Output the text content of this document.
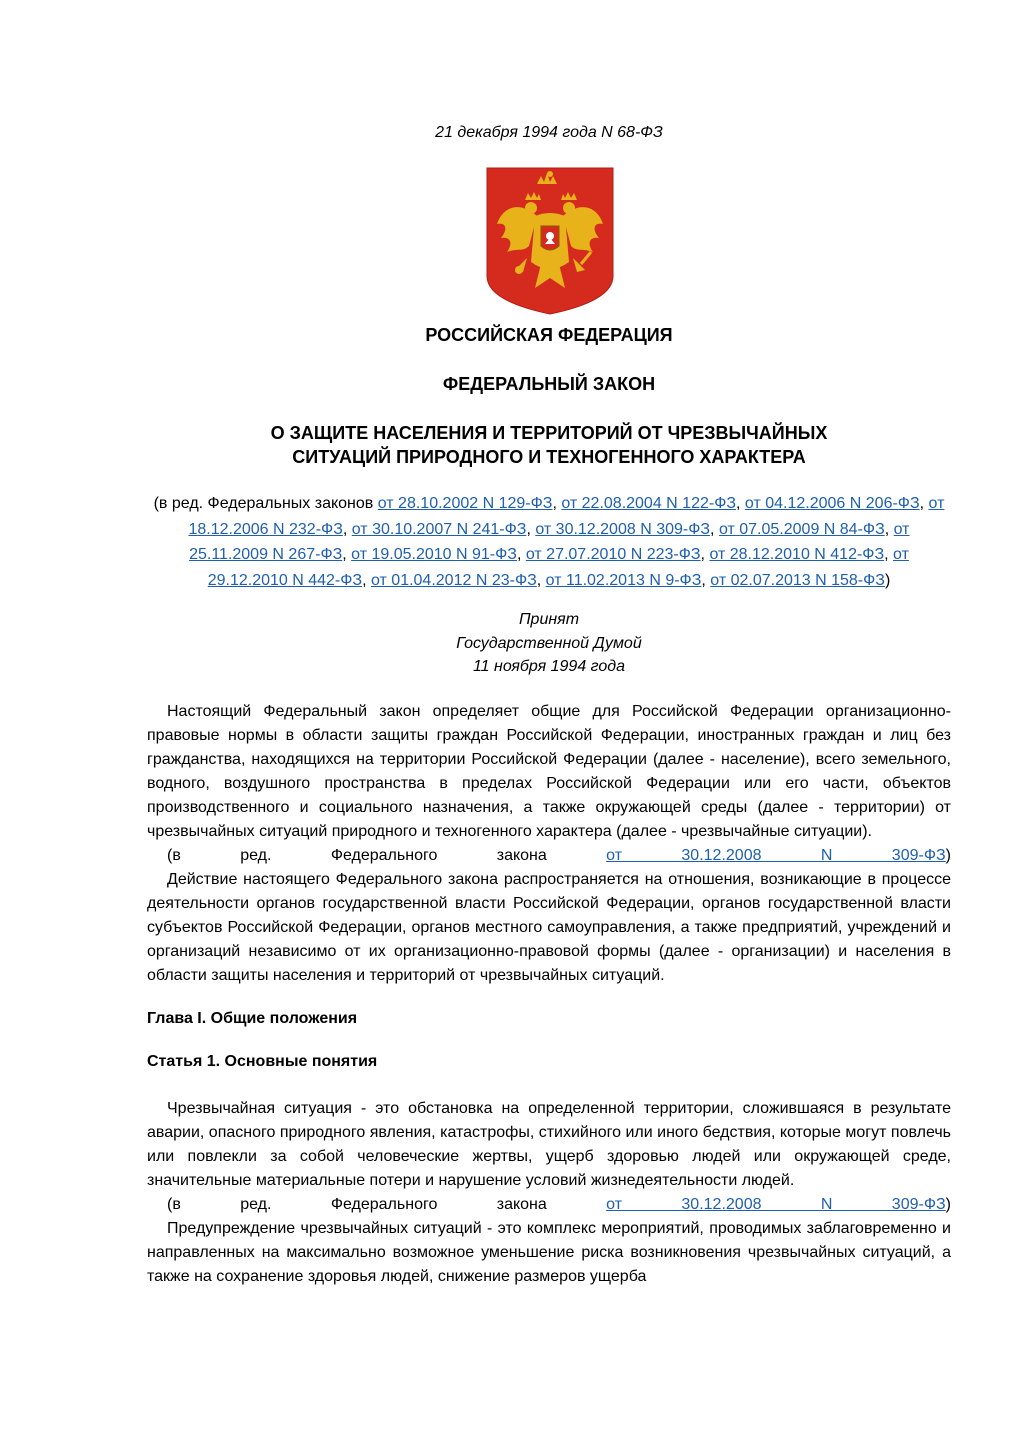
21 декабря 1994 года N 68-ФЗ
РОССИЙСКАЯ ФЕДЕРАЦИЯ
ФЕДЕРАЛЬНЫЙ ЗАКОН
О ЗАЩИТЕ НАСЕЛЕНИЯ И ТЕРРИТОРИЙ ОТ ЧРЕЗВЫЧАЙНЫХ
СИТУАЦИЙ ПРИРОДНОГО И ТЕХНОГЕННОГО ХАРАКТЕРА
(в ред. Федеральных законов от 28.10.2002 N 129-ФЗ, от 22.08.2004 N 122-ФЗ, от 04.12.2006 N 206-ФЗ, от 18.12.2006 N 232-ФЗ, от 30.10.2007 N 241-ФЗ, от 30.12.2008 N 309-ФЗ, от 07.05.2009 N 84-ФЗ, от 25.11.2009 N 267-ФЗ, от 19.05.2010 N 91-ФЗ, от 27.07.2010 N 223-ФЗ, от 28.12.2010 N 412-ФЗ, от 29.12.2010 N 442-ФЗ, от 01.04.2012 N 23-ФЗ, от 11.02.2013 N 9-ФЗ, от 02.07.2013 N 158-ФЗ)
Принят
Государственной Думой
11 ноября 1994 года

Настоящий Федеральный закон определяет общие для Российской Федерации организационно-правовые нормы в области защиты граждан Российской Федерации, иностранных граждан и лиц без гражданства, находящихся на территории Российской Федерации (далее - население), всего земельного, водного, воздушного пространства в пределах Российской Федерации или его части, объектов производственного и социального назначения, а также окружающей среды (далее - территории) от чрезвычайных ситуаций природного и техногенного характера (далее - чрезвычайные ситуации).

(в ред. Федерального закона от 30.12.2008 N 309-ФЗ)

Действие настоящего Федерального закона распространяется на отношения, возникающие в процессе деятельности органов государственной власти Российской Федерации, органов государственной власти субъектов Российской Федерации, органов местного самоуправления, а также предприятий, учреждений и организаций независимо от их организационно-правовой формы (далее - организации) и населения в области защиты населения и территорий от чрезвычайных ситуаций.

Глава I. Общие положения

Статья 1. Основные понятия

Чрезвычайная ситуация - это обстановка на определенной территории, сложившаяся в результате аварии, опасного природного явления, катастрофы, стихийного или иного бедствия, которые могут повлечь или повлекли за собой человеческие жертвы, ущерб здоровью людей или окружающей среде, значительные материальные потери и нарушение условий жизнедеятельности людей.

(в ред. Федерального закона от 30.12.2008 N 309-ФЗ)

Предупреждение чрезвычайных ситуаций - это комплекс мероприятий, проводимых заблаговременно и направленных на максимально возможное уменьшение риска возникновения чрезвычайных ситуаций, а также на сохранение здоровья людей, снижение размеров ущерба
